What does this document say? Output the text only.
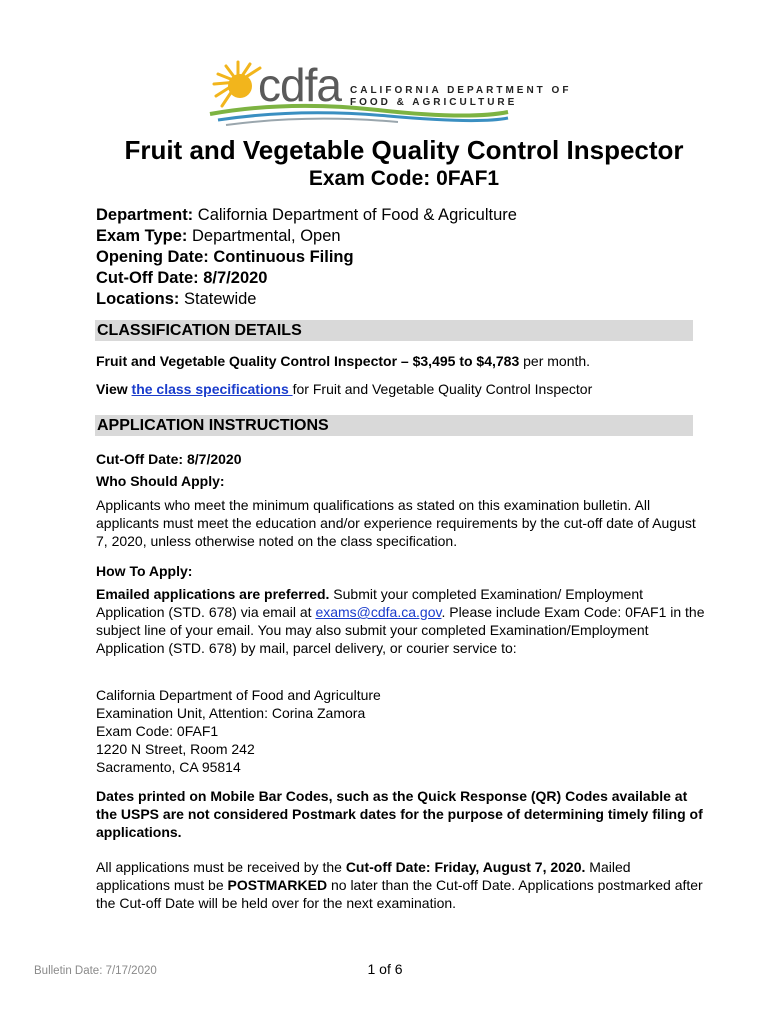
cdfa CALIFORNIA DEPARTMENT OF
FOOD & AGRICULTURE
Fruit and Vegetable Quality Control Inspector
Exam Code: 0FAF1
Department: California Department of Food & Agriculture
Exam Type: Departmental, Open
Opening Date: Continuous Filing
Cut-Off Date: 8/7/2020
Locations: Statewide
CLASSIFICATION DETAILS
Fruit and Vegetable Quality Control Inspector – $3,495 to $4,783 per month.
View the class specifications for Fruit and Vegetable Quality Control Inspector
APPLICATION INSTRUCTIONS
Cut-Off Date: 8/7/2020
Who Should Apply:
Applicants who meet the minimum qualifications as stated on this examination bulletin. All applicants must meet the education and/or experience requirements by the cut-off date of August 7, 2020, unless otherwise noted on the class specification.
How To Apply:
Emailed applications are preferred. Submit your completed Examination/ Employment Application (STD. 678) via email at exams@cdfa.ca.gov. Please include Exam Code: 0FAF1 in the subject line of your email. You may also submit your completed Examination/Employment Application (STD. 678) by mail, parcel delivery, or courier service to:
California Department of Food and Agriculture
Examination Unit, Attention: Corina Zamora
Exam Code: 0FAF1
1220 N Street, Room 242
Sacramento, CA 95814
Dates printed on Mobile Bar Codes, such as the Quick Response (QR) Codes available at the USPS are not considered Postmark dates for the purpose of determining timely filing of applications.
All applications must be received by the Cut-off Date: Friday, August 7, 2020. Mailed applications must be POSTMARKED no later than the Cut-off Date. Applications postmarked after the Cut-off Date will be held over for the next examination.
Bulletin Date: 7/17/2020	1 of 6
